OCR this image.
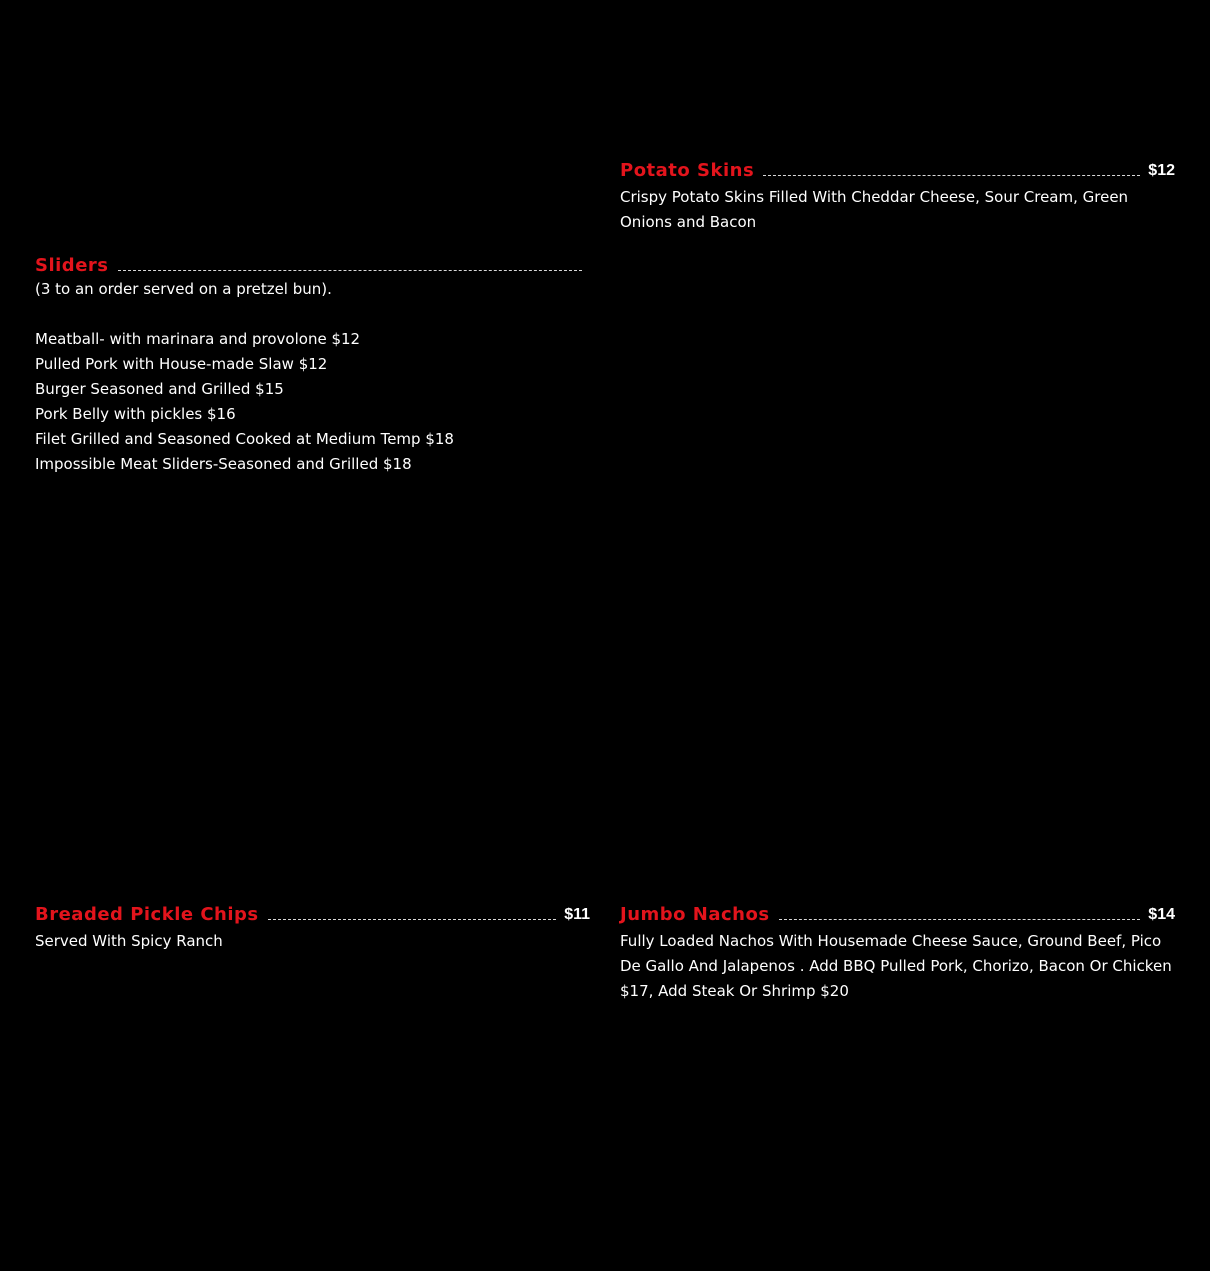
Potato Skins	$12
Crispy Potato Skins Filled With Cheddar Cheese, Sour Cream, Green Onions and Bacon
Sliders
(3 to an order served on a pretzel bun).
Meatball- with marinara and provolone $12
Pulled Pork with House-made Slaw $12
Burger Seasoned and Grilled $15
Pork Belly with pickles $16
Filet Grilled and Seasoned Cooked at Medium Temp $18
Impossible Meat Sliders-Seasoned and Grilled $18
Breaded Pickle Chips	$11
Served With Spicy Ranch
Jumbo Nachos	$14
Fully Loaded Nachos With Housemade Cheese Sauce, Ground Beef, Pico De Gallo And Jalapenos . Add BBQ Pulled Pork, Chorizo, Bacon Or Chicken $17, Add Steak Or Shrimp $20
